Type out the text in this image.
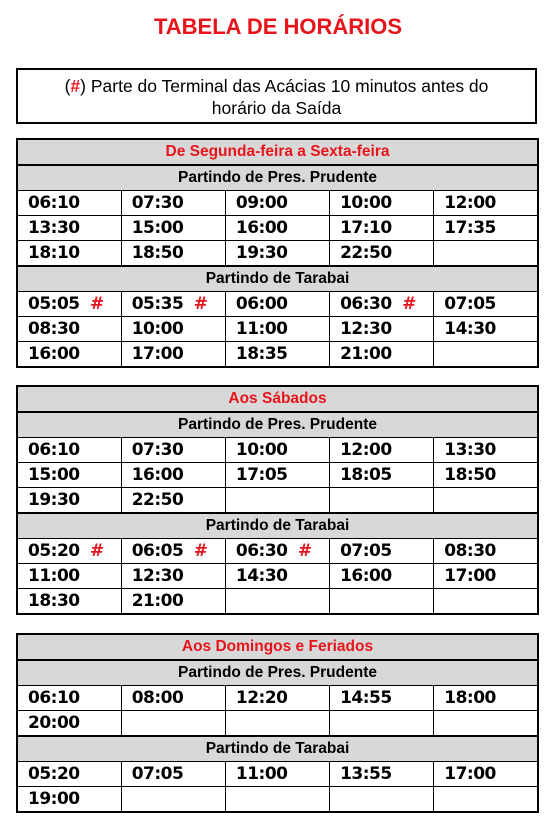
TABELA DE HORÁRIOS
(#) Parte do Terminal das Acácias 10 minutos antes do
horário da Saída
De Segunda-feira a Sexta-feira				
Partindo de Pres. Prudente				
06:10	07:30	09:00	10:00	12:00
13:30	15:00	16:00	17:10	17:35
18:10	18:50	19:30	22:50	
Partindo de Tarabai				
05:05 #	05:35 #	06:00	06:30 #	07:05
08:30	10:00	11:00	12:30	14:30
16:00	17:00	18:35	21:00	
Aos Sábados				
Partindo de Pres. Prudente				
06:10	07:30	10:00	12:00	13:30
15:00	16:00	17:05	18:05	18:50
19:30	22:50			
Partindo de Tarabai				
05:20 #	06:05 #	06:30 #	07:05	08:30
11:00	12:30	14:30	16:00	17:00
18:30	21:00			
Aos Domingos e Feriados				
Partindo de Pres. Prudente				
06:10	08:00	12:20	14:55	18:00
20:00				
Partindo de Tarabai				
05:20	07:05	11:00	13:55	17:00
19:00				
